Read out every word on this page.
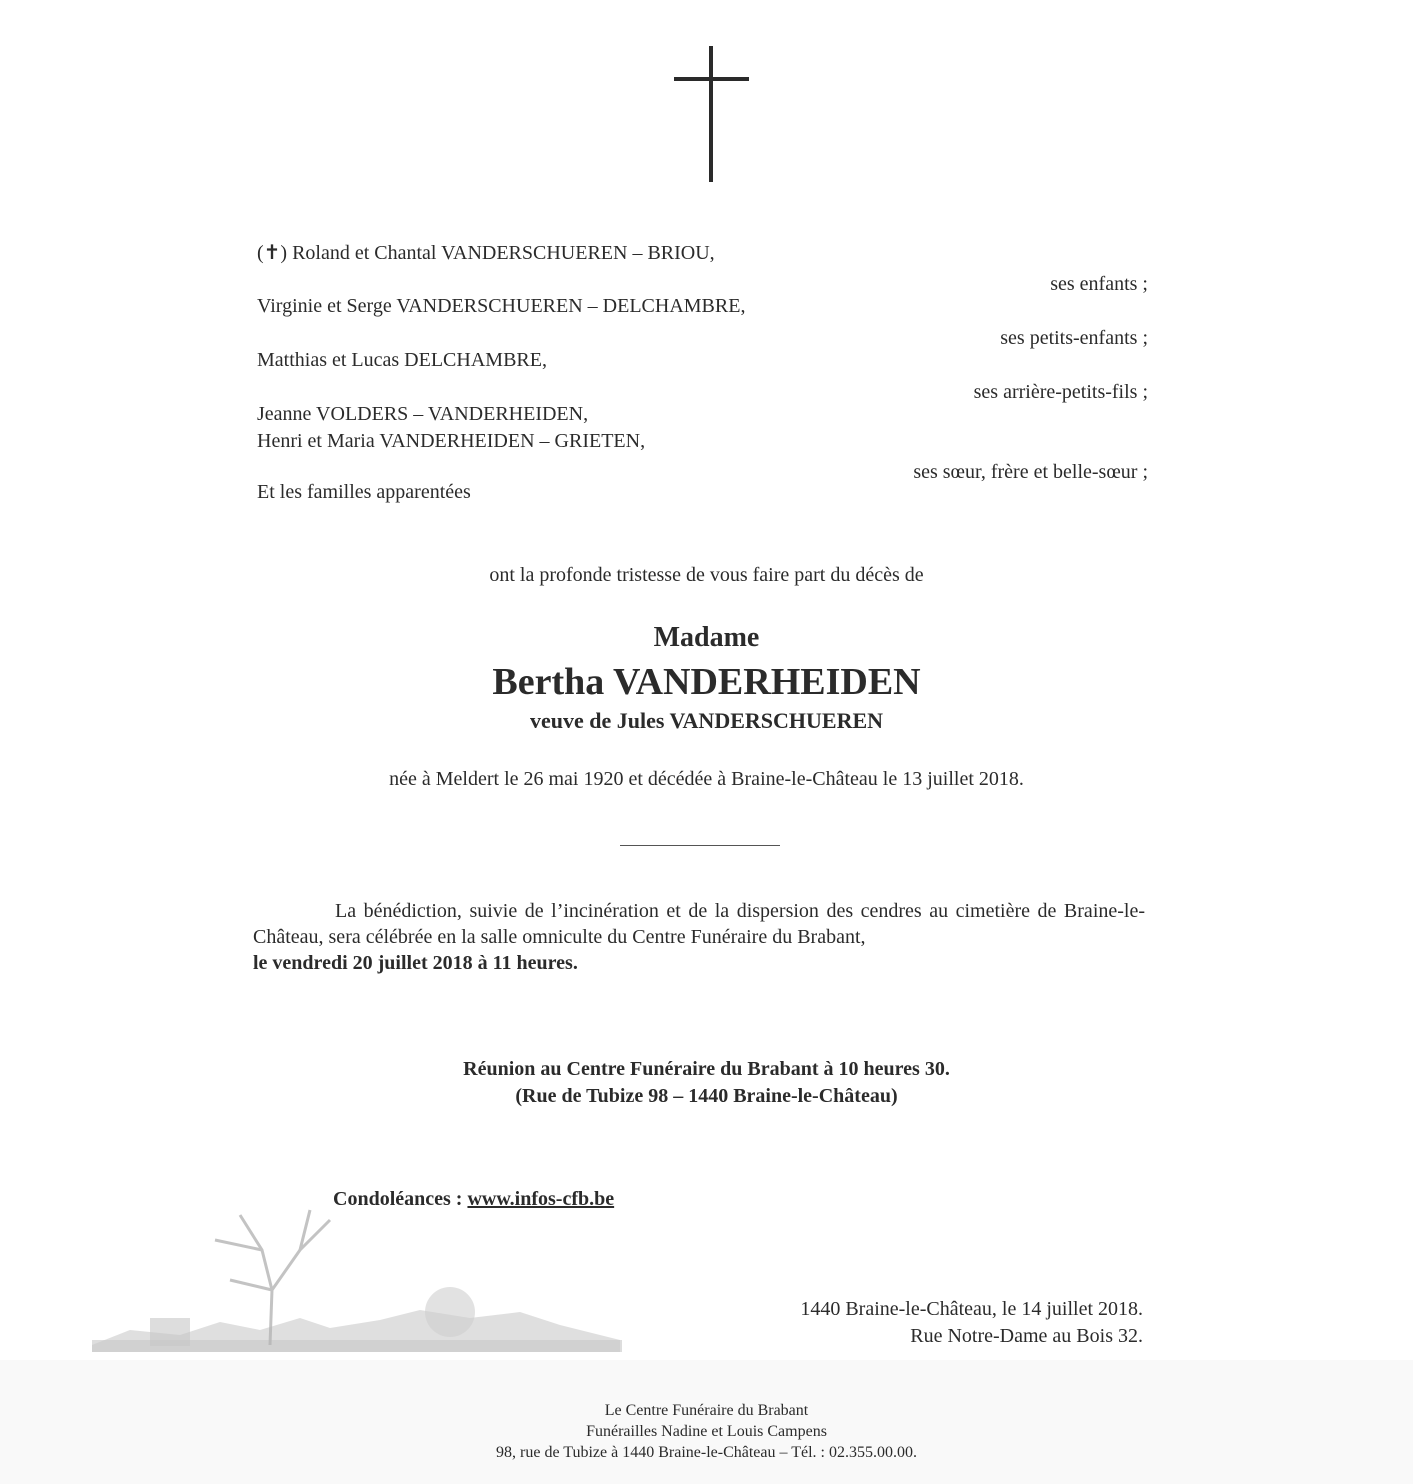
(✝) Roland et Chantal VANDERSCHUEREN – BRIOU,
ses enfants ;
Virginie et Serge VANDERSCHUEREN – DELCHAMBRE,
ses petits-enfants ;
Matthias et Lucas DELCHAMBRE,
ses arrière-petits-fils ;
Jeanne VOLDERS – VANDERHEIDEN,
Henri et Maria VANDERHEIDEN – GRIETEN,
ses sœur, frère et belle-sœur ;
Et les familles apparentées
ont la profonde tristesse de vous faire part du décès de
Madame
Bertha VANDERHEIDEN
veuve de Jules VANDERSCHUEREN
née à Meldert le 26 mai 1920 et décédée à Braine-le-Château le 13 juillet 2018.
La bénédiction, suivie de l’incinération et de la dispersion des cendres au cimetière de Braine-le-Château, sera célébrée en la salle omniculte du Centre Funéraire du Brabant,
le vendredi 20 juillet 2018 à 11 heures.
Réunion au Centre Funéraire du Brabant à 10 heures 30.
(Rue de Tubize 98 – 1440 Braine-le-Château)
Condoléances : www.infos-cfb.be
1440 Braine-le-Château, le 14 juillet 2018.
Rue Notre-Dame au Bois 32.
Le Centre Funéraire du Brabant
Funérailles Nadine et Louis Campens
98, rue de Tubize à 1440 Braine-le-Château – Tél. : 02.355.00.00.
